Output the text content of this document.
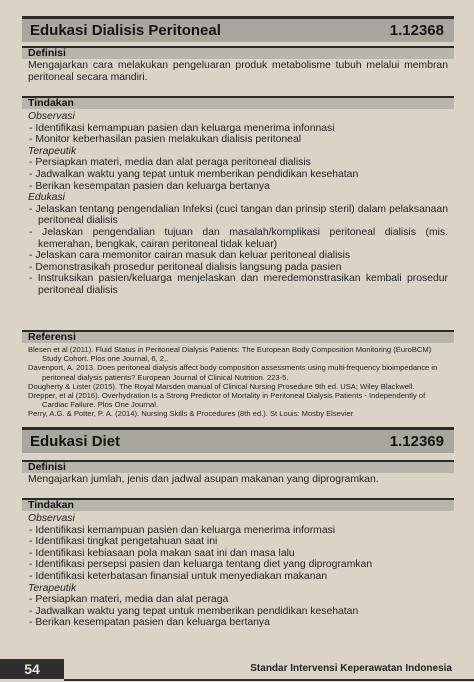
Edukasi Dialisis Peritoneal	1.12368
Definisi

Mengajarkan cara melakukan pengeluaran produk metabolisme tubuh melalui membran peritoneal secara mandiri.

Tindakan

Observasi

- Identifikasi kemampuan pasien dan keluarga menerima infonnasi

- Monitor keberhasilan pasien melakukan dialisis peritoneal

Terapeutik

- Persiapkan materi, media dan alat peraga peritoneal dialisis

- Jadwalkan waktu yang tepat untuk memberikan pendidikan kesehatan

- Berikan kesempatan pasien dan keluarga bertanya

Edukasi

- Jelaskan tentang pengendalian Infeksi (cuci tangan dan prinsip steril) dalam pelaksanaan peritoneal dialisis

- Jelaskan pengendalian tujuan dan masalah/komplikasi peritoneal dialisis (mis. kemerahan, bengkak, cairan peritoneal tidak keluar)

- Jelaskan cara memonitor cairan masuk dan keluar peritoneal dialisis

- Demonstrasikah prosedur peritoneal dialisis langsung pada pasien

- Instruksikan pasien/keluarga menjelaskan dan meredemonstrasikan kembali prosedur peritoneal dialisis

Referensi

Blesen et al (2011). Fluid Status in Peritoneal Dialysis Patients: The European Body Composition Monitoring (EuroBCM) Study Cohort. Plos one Journal, 6, 2,.

Davenport, A. 2013. Does peritoneal dialysis affect body composition assessments using multi-frequency bioimpedance in peritoneal dialysis patients? European Journal of Clinical Nutrition. 223-5.

Dougherty & Lister (2015). The Royal Marsden manual of Clinical Nursing Prosedure 9th ed. USA; Wiley Blackwell.

Drepper, et al (2016). Overhydration Is a Strong Predictor of Mortality in Peritoneal Dialysis Patients - Independently of Cardiac Failure. Plos One Journal.

Perry, A.G. & Potter, P. A. (2014). Nursing Skills & Procedures (8th ed.). St Louis: Mosby Elsevier

Edukasi Diet	1.12369
Definisi

Mengajarkan jumlah, jenis dan jadwal asupan makanan yang diprogramkan.

Tindakan

Observasi

- Identifikasi kemampuan pasien dan keluarga menerima informasi

- Identifikasi tingkat pengetahuan saat ini

- Identifikasi kebiasaan pola makan saat ini dan masa lalu

- Identifikasi persepsi pasien dan keluarga tentang diet yang diprogramkan

- Identifikasi keterbatasan finansial untuk menyediakan makanan

Terapeutik

- Persiapkan materi, media dan alat peraga

- Jadwalkan waktu yang tepat untuk memberikan pendidikan kesehatan

- Berikan kesempatan pasien dan keluarga bertanya

54	Standar Intervensi Keperawatan Indonesia
